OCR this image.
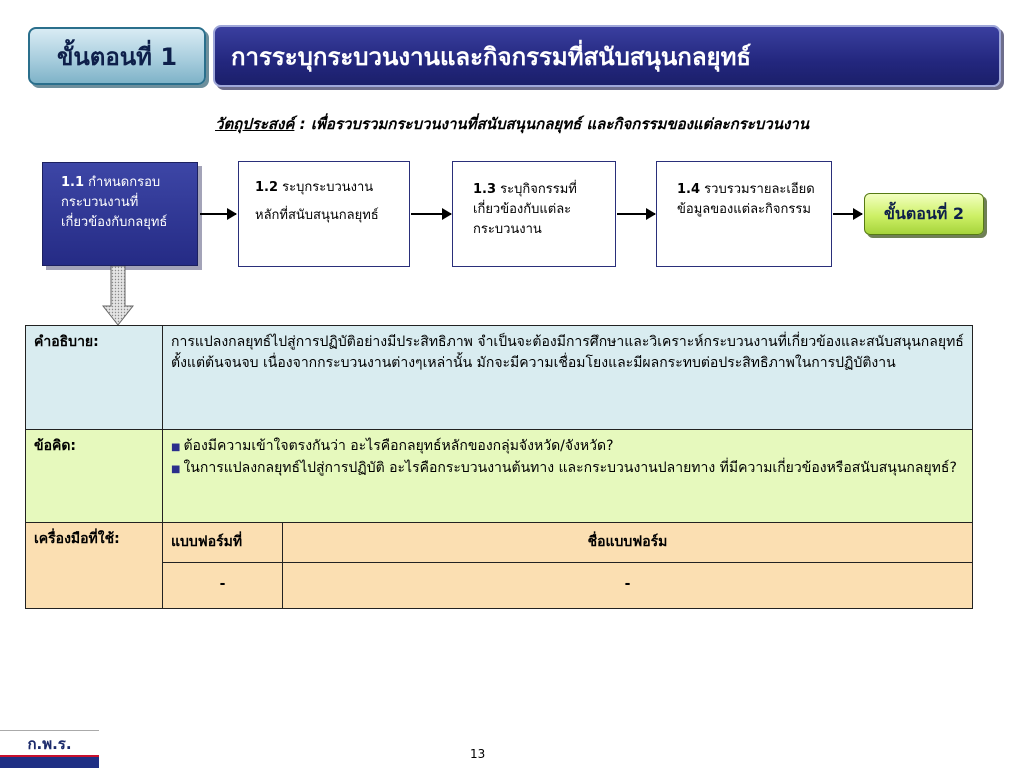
ขั้นตอนที่ 1	การระบุกระบวนงานและกิจกรรมที่สนับสนุนกลยุทธ์
วัตถุประสงค์ : เพื่อรวบรวมกระบวนงานที่สนับสนุนกลยุทธ์ และกิจกรรมของแต่ละกระบวนงาน
1.1 กำหนดกรอบกระบวนงานที่เกี่ยวข้องกับกลยุทธ์
1.2 ระบุกระบวนงานหลักที่สนับสนุนกลยุทธ์
1.3 ระบุกิจกรรมที่เกี่ยวข้องกับแต่ละกระบวนงาน
1.4 รวบรวมรายละเอียดข้อมูลของแต่ละกิจกรรม	ขั้นตอนที่ 2
คำอธิบาย:	การแปลงกลยุทธ์ไปสู่การปฏิบัติอย่างมีประสิทธิภาพ จำเป็นจะต้องมีการศึกษาและวิเคราะห์กระบวนงานที่เกี่ยวข้องและสนับสนุนกลยุทธ์ ตั้งแต่ต้นจนจบ เนื่องจากกระบวนงานต่างๆเหล่านั้น มักจะมีความเชื่อมโยงและมีผลกระทบต่อประสิทธิภาพในการปฏิบัติงาน	
ข้อคิด:	■ ต้องมีความเข้าใจตรงกันว่า อะไรคือกลยุทธ์หลักของกลุ่มจังหวัด/จังหวัด?
■ ในการแปลงกลยุทธ์ไปสู่การปฏิบัติ อะไรคือกระบวนงานต้นทาง และกระบวนงานปลายทาง ที่มีความเกี่ยวข้องหรือสนับสนุนกลยุทธ์?

เครื่องมือที่ใช้:	แบบฟอร์มที่	ชื่อแบบฟอร์ม
	-	-
ก.พ.ร.
13
